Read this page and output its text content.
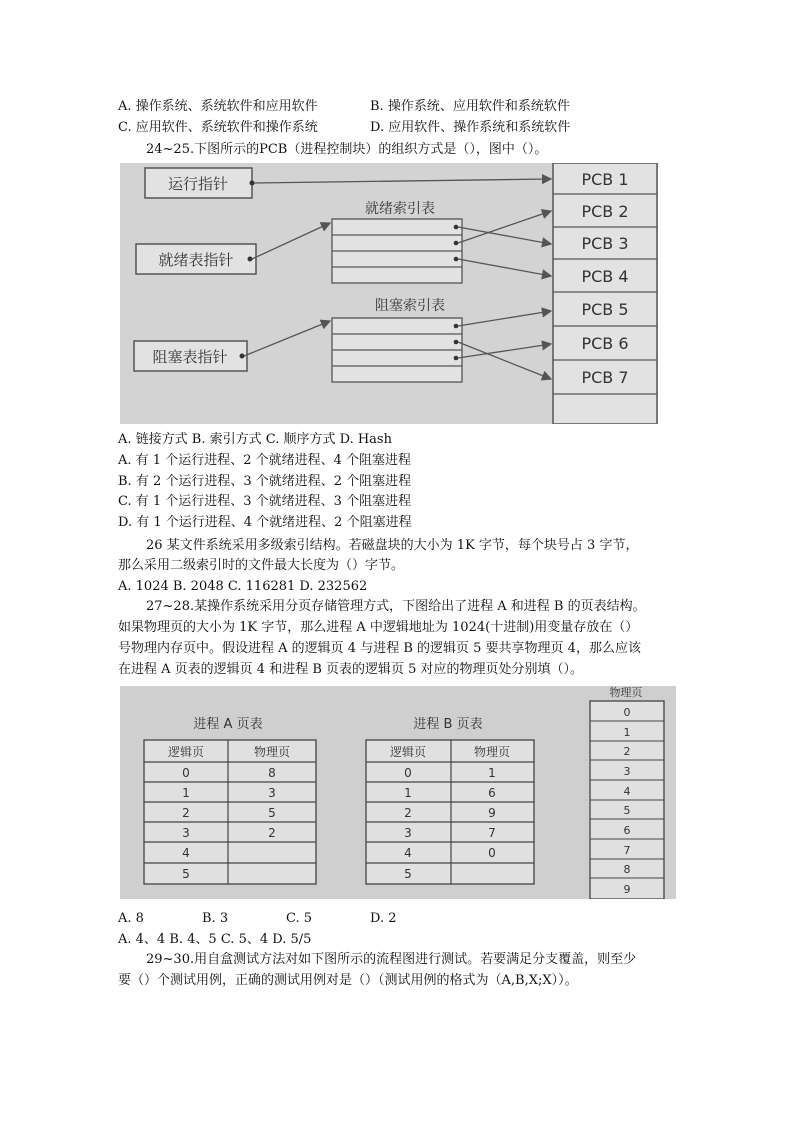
A. 操作系统、系统软件和应用软件	B. 操作系统、应用软件和系统软件
C. 应用软件、系统软件和操作系统	D. 应用软件、操作系统和系统软件
24~25.下图所示的PCB（进程控制块）的组织方式是（），图中（）。
运行指针
就绪表指针
阻塞表指针
就绪索引表
阻塞索引表
PCB 1
PCB 2
PCB 3
PCB 4
PCB 5
PCB 6
PCB 7
A. 链接方式 B. 索引方式 C. 顺序方式 D. Hash
A. 有 1 个运行进程、2 个就绪进程、4 个阻塞进程
B. 有 2 个运行进程、3 个就绪进程、2 个阻塞进程
C. 有 1 个运行进程、3 个就绪进程、3 个阻塞进程
D. 有 1 个运行进程、4 个就绪进程、2 个阻塞进程
26 某文件系统采用多级索引结构。若磁盘块的大小为 1K 字节，每个块号占 3 字节，
那么采用二级索引时的文件最大长度为（）字节。
A. 1024 B. 2048 C. 116281 D. 232562
27~28.某操作系统采用分页存储管理方式，下图给出了进程 A 和进程 B 的页表结构。
如果物理页的大小为 1K 字节，那么进程 A 中逻辑地址为 1024(十进制)用变量存放在（）
号物理内存页中。假设进程 A 的逻辑页 4 与进程 B 的逻辑页 5 要共享物理页 4，那么应该
在进程 A 页表的逻辑页 4 和进程 B 页表的逻辑页 5 对应的物理页处分别填（）。
进程 A 页表
逻辑页	物理页
0	8
1	3
2	5
3	2
4
5
进程 B 页表
逻辑页	物理页
0	1
1	6
2	9
3	7
4	0
5
物理页
0
1
2
3
4
5
6
7
8
9
A. 8	B. 3	C. 5	D. 2
A. 4、4 B. 4、5 C. 5、4 D. 5/5
29~30.用自盒测试方法对如下图所示的流程图进行测试。若要满足分支覆盖，则至少
要（）个测试用例，正确的测试用例对是（）（测试用例的格式为（A,B,X;X））。
